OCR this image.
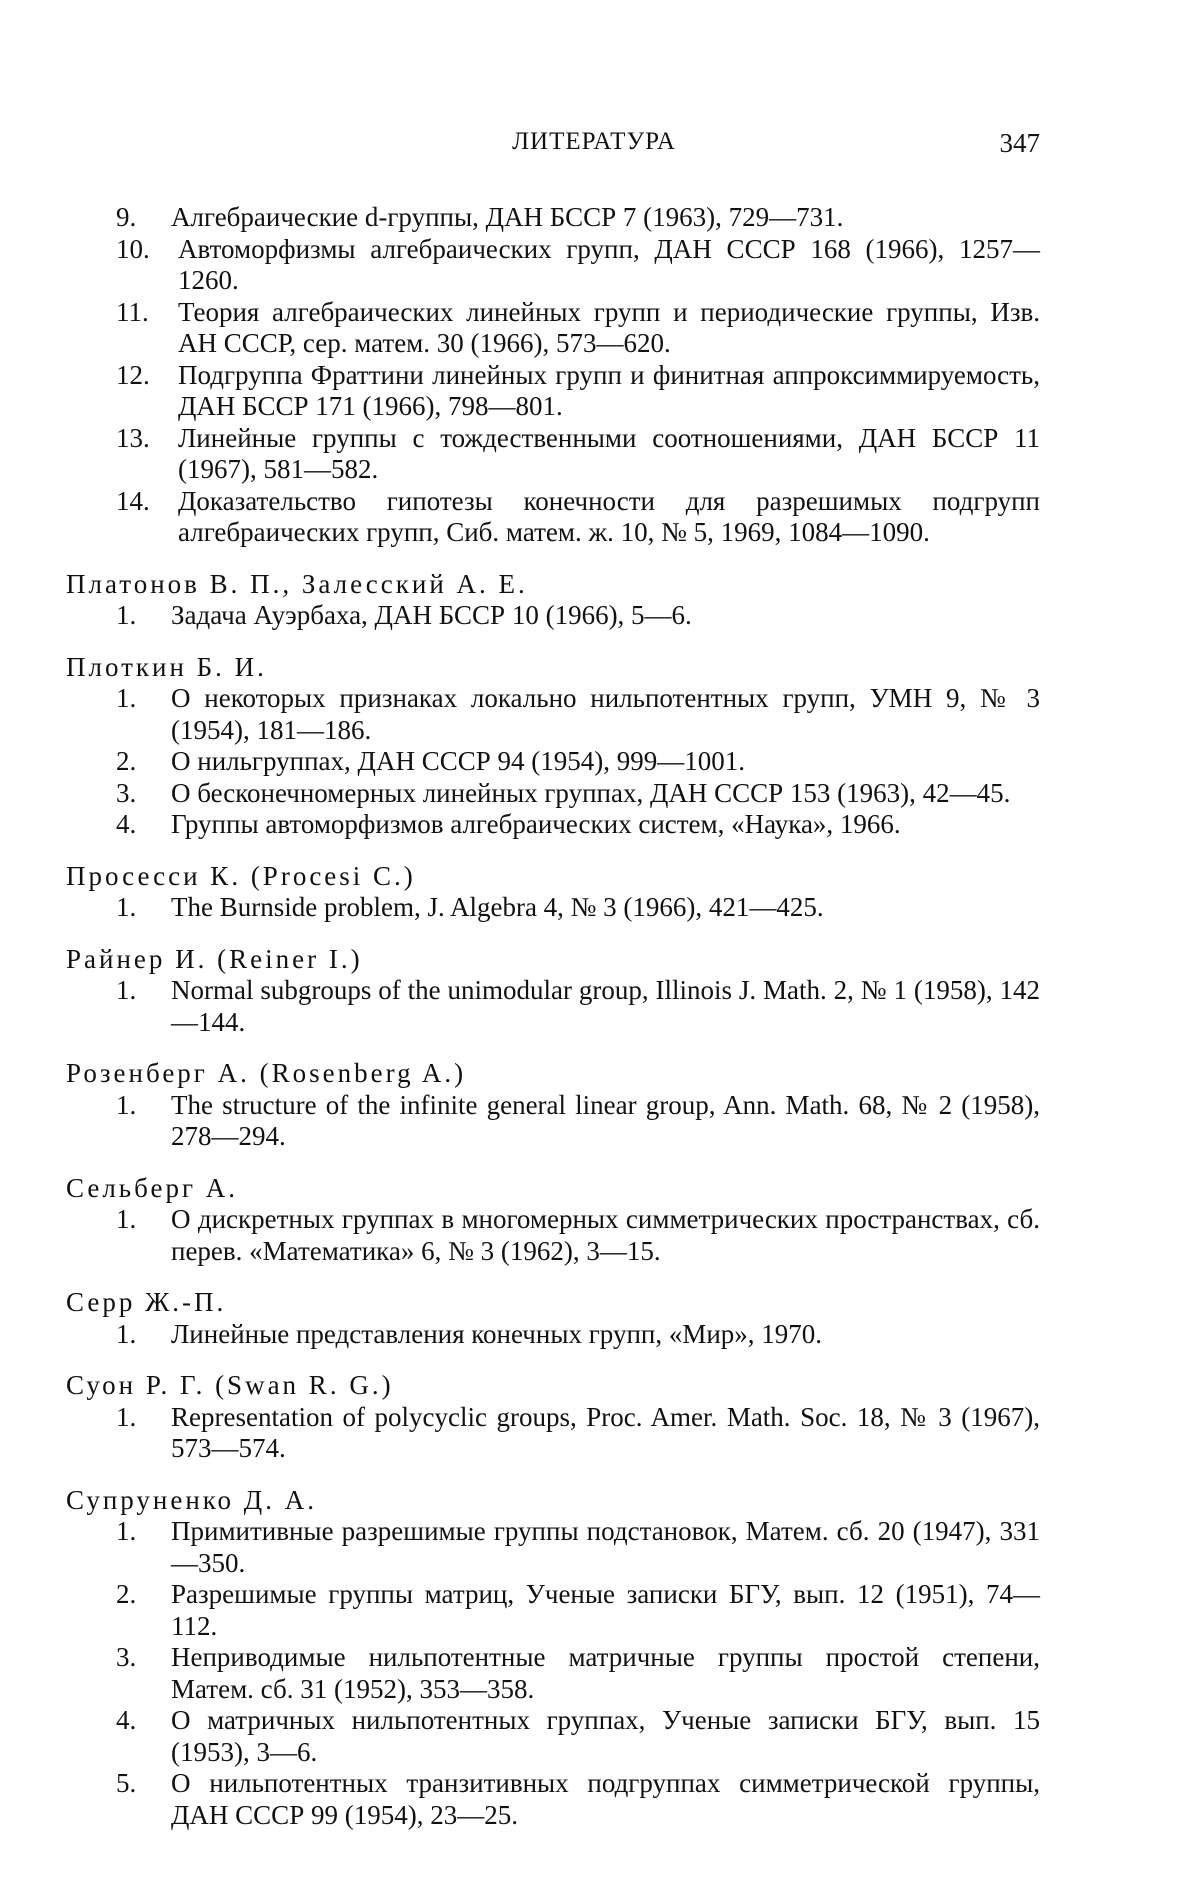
ЛИТЕРАТУРА	347
9.	Алгебраические d-группы, ДАН БССР 7 (1963), 729—731.
10.	Автоморфизмы алгебраических групп, ДАН СССР 168 (1966), 1257—1260.
11.	Теория алгебраических линейных групп и периодические группы, Изв. АН СССР, сер. матем. 30 (1966), 573—620.
12.	Подгруппа Фраттини линейных групп и финитная аппроксиммируемость, ДАН БССР 171 (1966), 798—801.
13.	Линейные группы с тождественными соотношениями, ДАН БССР 11 (1967), 581—582.
14.	Доказательство гипотезы конечности для разрешимых подгрупп алгебраических групп, Сиб. матем. ж. 10, № 5, 1969, 1084—1090.
Платонов В. П., Залесский А. Е.
1.	Задача Ауэрбаха, ДАН БССР 10 (1966), 5—6.
Плоткин Б. И.
1.	О некоторых признаках локально нильпотентных групп, УМН 9, № 3 (1954), 181—186.
2.	О нильгруппах, ДАН СССР 94 (1954), 999—1001.
3.	О бесконечномерных линейных группах, ДАН СССР 153 (1963), 42—45.
4.	Группы автоморфизмов алгебраических систем, «Наука», 1966.
Просесси К. (Procesi C.)
1.	The Burnside problem, J. Algebra 4, № 3 (1966), 421—425.
Райнер И. (Reiner I.)
1.	Normal subgroups of the unimodular group, Illinois J. Math. 2, № 1 (1958), 142—144.
Розенберг А. (Rosenberg A.)
1.	The structure of the infinite general linear group, Ann. Math. 68, № 2 (1958), 278—294.
Сельберг А.
1.	О дискретных группах в многомерных симметрических пространствах, сб. перев. «Математика» 6, № 3 (1962), 3—15.
Серр Ж.-П.
1.	Линейные представления конечных групп, «Мир», 1970.
Суон Р. Г. (Swan R. G.)
1.	Representation of polycyclic groups, Proc. Amer. Math. Soc. 18, № 3 (1967), 573—574.
Супруненко Д. А.
1.	Примитивные разрешимые группы подстановок, Матем. сб. 20 (1947), 331—350.
2.	Разрешимые группы матриц, Ученые записки БГУ, вып. 12 (1951), 74—112.
3.	Неприводимые нильпотентные матричные группы простой степени, Матем. сб. 31 (1952), 353—358.
4.	О матричных нильпотентных группах, Ученые записки БГУ, вып. 15 (1953), 3—6.
5.	О нильпотентных транзитивных подгруппах симметрической группы, ДАН СССР 99 (1954), 23—25.
